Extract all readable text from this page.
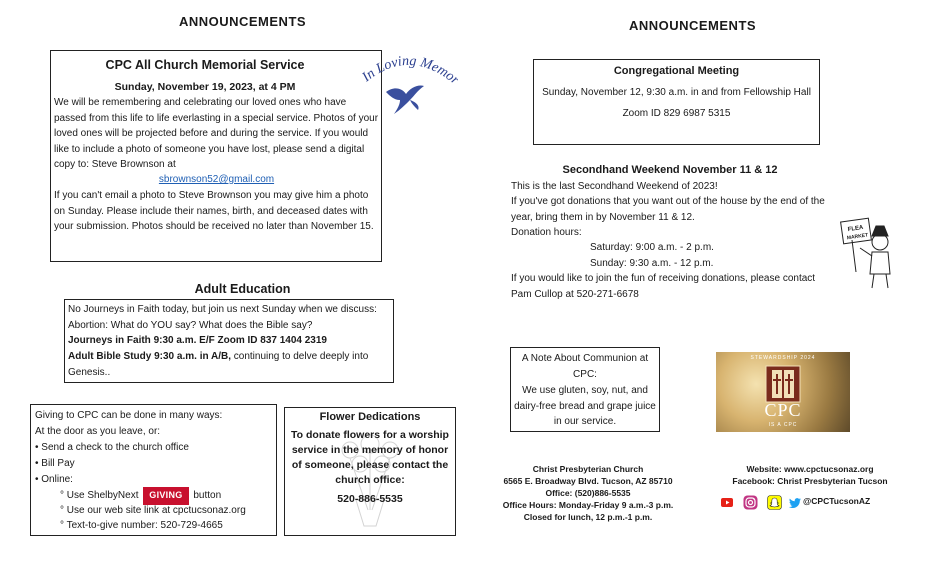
ANNOUNCEMENTS
CPC All Church Memorial Service
Sunday, November 19, 2023, at 4 PM
We will be remembering and celebrating our loved ones who have passed from this life to life everlasting in a special service. Photos of your loved ones will be projected before and during the service. If you would like to include a photo of someone you have lost, please send a digital copy to: Steve Brownson at
sbrownson52@gmail.com
If you can't email a photo to Steve Brownson you may give him a photo on Sunday. Please include their names, birth, and deceased dates with your submission. Photos should be received no later than November 15.
In Loving Memo
Adult Education
No Journeys in Faith today, but join us next Sunday when we discuss: Abortion: What do YOU say? What does the Bible say?
Journeys in Faith 9:30 a.m. E/F Zoom ID 837 1404 2319
Adult Bible Study 9:30 a.m. in A/B, continuing to delve deeply into Genesis..
Giving to CPC can be done in many ways:
At the door as you leave, or:
• Send a check to the church office
• Bill Pay
• Online:
° Use ShelbyNext GIVING button
° Use our web site link at cpctucsonaz.org
° Text-to-give number: 520-729-4665
Flower Dedications
To donate flowers for a worship service in the memory of honor of someone, please contact the church office:
520-886-5535
ANNOUNCEMENTS
Congregational Meeting
Sunday, November 12, 9:30 a.m. in and from Fellowship Hall
Zoom ID 829 6987 5315
Secondhand Weekend November 11 & 12
This is the last Secondhand Weekend of 2023!
If you've got donations that you want out of the house by the end of the year, bring them in by November 11 & 12.
Donation hours:
Saturday: 9:00 a.m. - 2 p.m.
Sunday: 9:30 a.m. - 12 p.m.
If you would like to join the fun of receiving donations, please contact Pam Cullop at 520-271-6678
FLEA
MARKET
A Note About Communion at CPC:
We use gluten, soy, nut, and dairy-free bread and grape juice in our service.
STEWARDSHIP 2024
CPC
IS A CPC
Christ Presbyterian Church
6565 E. Broadway Blvd. Tucson, AZ 85710
Office: (520)886-5535
Office Hours: Monday-Friday 9 a.m.-3 p.m.
Closed for lunch, 12 p.m.-1 p.m.
Website: www.cpctucsonaz.org
Facebook: Christ Presbyterian Tucson
@CPCTucsonAZ
